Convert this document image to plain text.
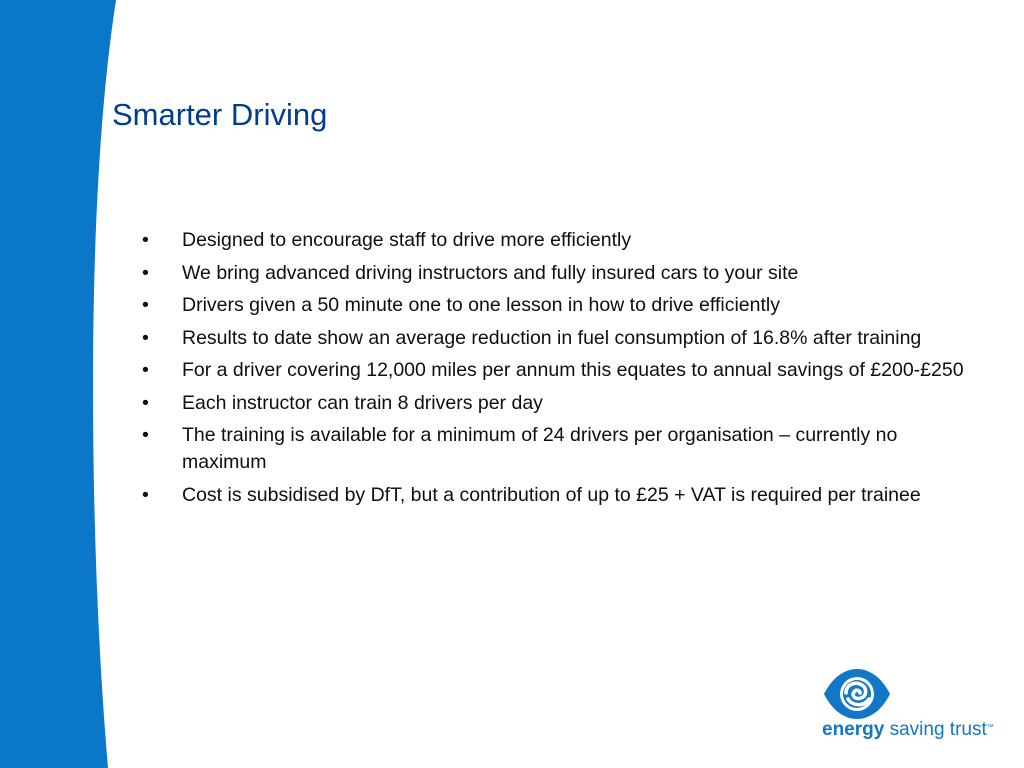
Smarter Driving
•	Designed to encourage staff to drive more efficiently
•	We bring advanced driving instructors and fully insured cars to your site
•	Drivers given a 50 minute one to one lesson in how to drive efficiently
•	Results to date show an average reduction in fuel consumption of 16.8% after training
•	For a driver covering 12,000 miles per annum this equates to annual savings of £200-£250
•	Each instructor can train 8 drivers per day
•	The training is available for a minimum of 24 drivers per organisation – currently no maximum
•	Cost is subsidised by DfT, but a contribution of up to £25 + VAT is required per trainee
energy saving trust™
